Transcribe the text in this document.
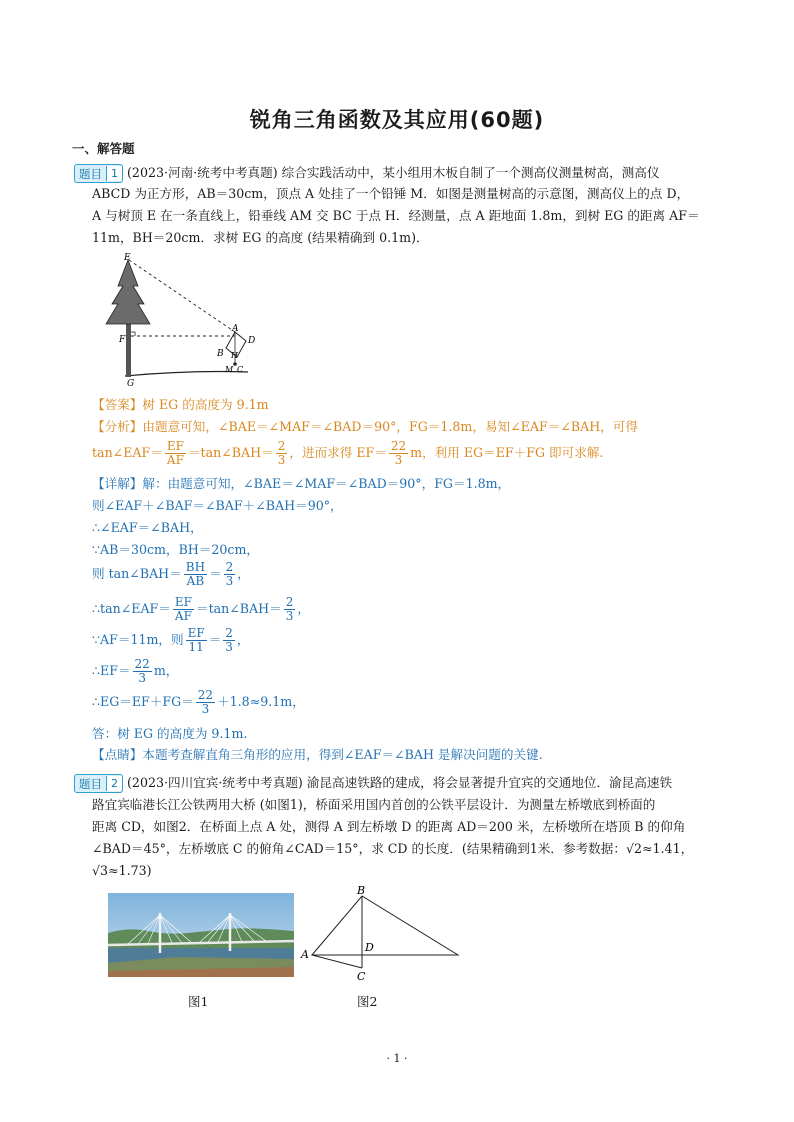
锐角三角函数及其应用(60题)
一、解答题
题目 1 (2023·河南·统考中考真题) 综合实践活动中，某小组用木板自制了一个测高仪测量树高，测高仪
ABCD 为正方形，AB＝30cm，顶点 A 处挂了一个铅锤 M．如图是测量树高的示意图，测高仪上的点 D，
A 与树顶 E 在一条直线上，铅垂线 AM 交 BC 于点 H．经测量，点 A 距地面 1.8m，到树 EG 的距离 AF＝
11m，BH＝20cm．求树 EG 的高度 (结果精确到 0.1m)．
E
F
G
A
D
B H
M C
【答案】树 EG 的高度为 9.1m
【分析】由题意可知，∠BAE＝∠MAF＝∠BAD＝90°，FG＝1.8m，易知∠EAF＝∠BAH，可得
tan∠EAF＝ $\frac{EF}{AF}$ ＝tan∠BAH＝ $\frac{2}{3}$ ，进而求得 $EF= \frac{22}{3}$ m，利用 EG＝EF＋FG 即可求解.
【详解】解：由题意可知，∠BAE＝∠MAF＝∠BAD＝90°，FG＝1.8m，
则∠EAF＋∠BAF＝∠BAF＋∠BAH＝90°，
∴∠EAF＝∠BAH，
∵AB＝30cm，BH＝20cm，
则 tan∠BAH＝ $\frac{BH}{AB} = \frac{2}{3}$ ，
∴tan∠EAF＝ $\frac{EF}{AF}$ ＝tan∠BAH＝ $\frac{2}{3}$ ，
∵AF＝11m，则 $\frac{EF}{11} = \frac{2}{3}$ ，
∴EF＝ $\frac{22}{3}$ m，
∴EG＝EF＋FG＝ $\frac{22}{3} +1.8\approx 9.1m$，
答：树 EG 的高度为 9.1m.
【点睛】本题考查解直角三角形的应用，得到∠EAF＝∠BAH 是解决问题的关键.
题目 2 (2023·四川宜宾·统考中考真题) 渝昆高速铁路的建成，将会显著提升宜宾的交通地位．渝昆高速铁
路宜宾临港长江公铁两用大桥 (如图1)，桥面采用国内首创的公铁平层设计．为测量左桥墩底到桥面的
距离 CD，如图2．在桥面上点 A 处，测得 A 到左桥墩 D 的距离 AD＝200 米，左桥墩所在塔顶 B 的仰角
∠BAD＝45°，左桥墩底 C 的俯角∠CAD＝15°，求 CD 的长度．(结果精确到1米．参考数据：√2≈1.41，
√3≈1.73)
图1
B
A
D
C
图2
· 1 ·
